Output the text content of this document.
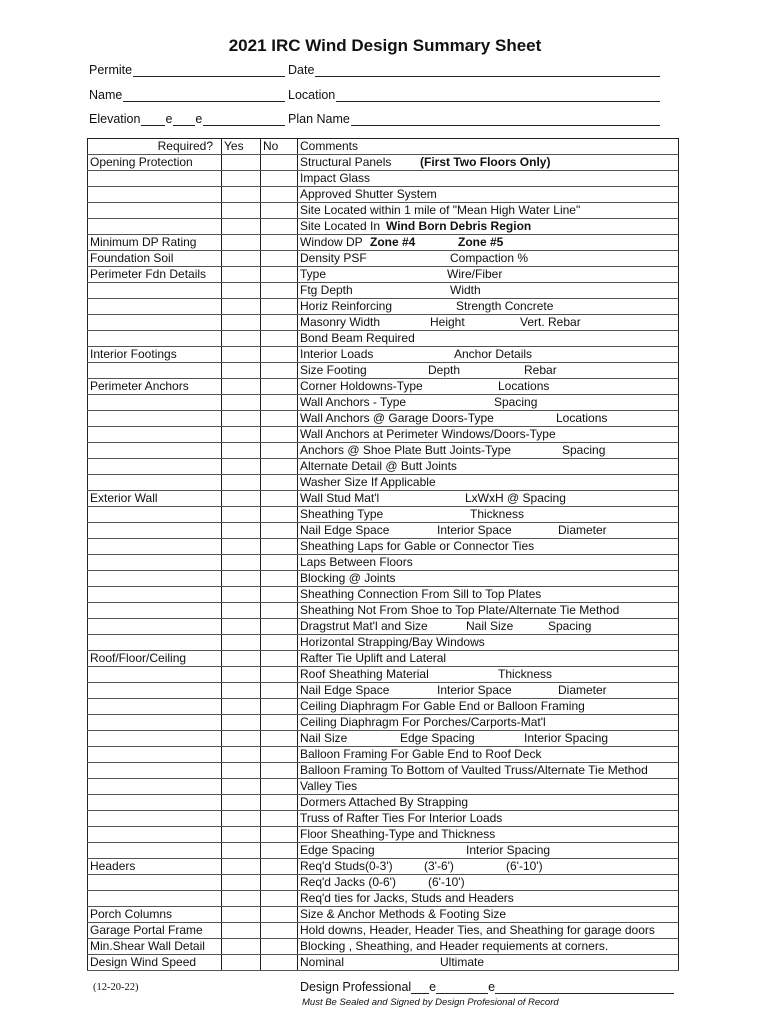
2021 IRC Wind Design Summary Sheet
Permite	Date
Name	Location
Elevation e e	Plan Name
Required?	Yes	No	Comments
Opening Protection			Structural Panels (First Two Floors Only)

			Impact Glass
			Approved Shutter System
			Site Located within 1 mile of "Mean High Water Line"
			Site Located In Wind Born Debris Region

Minimum DP Rating			Window DP Zone #4 Zone #5

Foundation Soil			Density PSF Compaction %

Perimeter Fdn Details			Type Wire/Fiber

			Ftg Depth Width

			Horiz Reinforcing Strength Concrete

			Masonry Width Height Vert. Rebar

			Bond Beam Required
Interior Footings			Interior Loads Anchor Details

			Size Footing Depth Rebar

Perimeter Anchors			Corner Holdowns-Type Locations

			Wall Anchors - Type Spacing

			Wall Anchors @ Garage Doors-Type Locations

			Wall Anchors at Perimeter Windows/Doors-Type
			Anchors @ Shoe Plate Butt Joints-Type Spacing

			Alternate Detail @ Butt Joints
			Washer Size If Applicable
Exterior Wall			Wall Stud Mat'l LxWxH @ Spacing

			Sheathing Type Thickness

			Nail Edge Space Interior Space Diameter

			Sheathing Laps for Gable or Connector Ties
			Laps Between Floors
			Blocking @ Joints
			Sheathing Connection From Sill to Top Plates
			Sheathing Not From Shoe to Top Plate/Alternate Tie Method
			Dragstrut Mat'l and Size Nail Size Spacing

			Horizontal Strapping/Bay Windows
Roof/Floor/Ceiling			Rafter Tie Uplift and Lateral
			Roof Sheathing Material Thickness

			Nail Edge Space Interior Space Diameter

			Ceiling Diaphragm For Gable End or Balloon Framing
			Ceiling Diaphragm For Porches/Carports-Mat'l
			Nail Size Edge Spacing Interior Spacing

			Balloon Framing For Gable End to Roof Deck
			Balloon Framing To Bottom of Vaulted Truss/Alternate Tie Method
			Valley Ties
			Dormers Attached By Strapping
			Truss of Rafter Ties For Interior Loads
			Floor Sheathing-Type and Thickness
			Edge Spacing Interior Spacing

Headers			Req'd Studs(0-3') (3'-6') (6'-10')

			Req'd Jacks (0-6') (6'-10')

			Req'd ties for Jacks, Studs and Headers
Porch Columns			Size & Anchor Methods & Footing Size
Garage Portal Frame			Hold downs, Header, Header Ties, and Sheathing for garage doors
Min.Shear Wall Detail			Blocking , Sheathing, and Header requiements at corners.
Design Wind Speed			Nominal Ultimate
(12-20-22)	Design Professional e	e
Must Be Sealed and Signed by Design Profesional of Record
